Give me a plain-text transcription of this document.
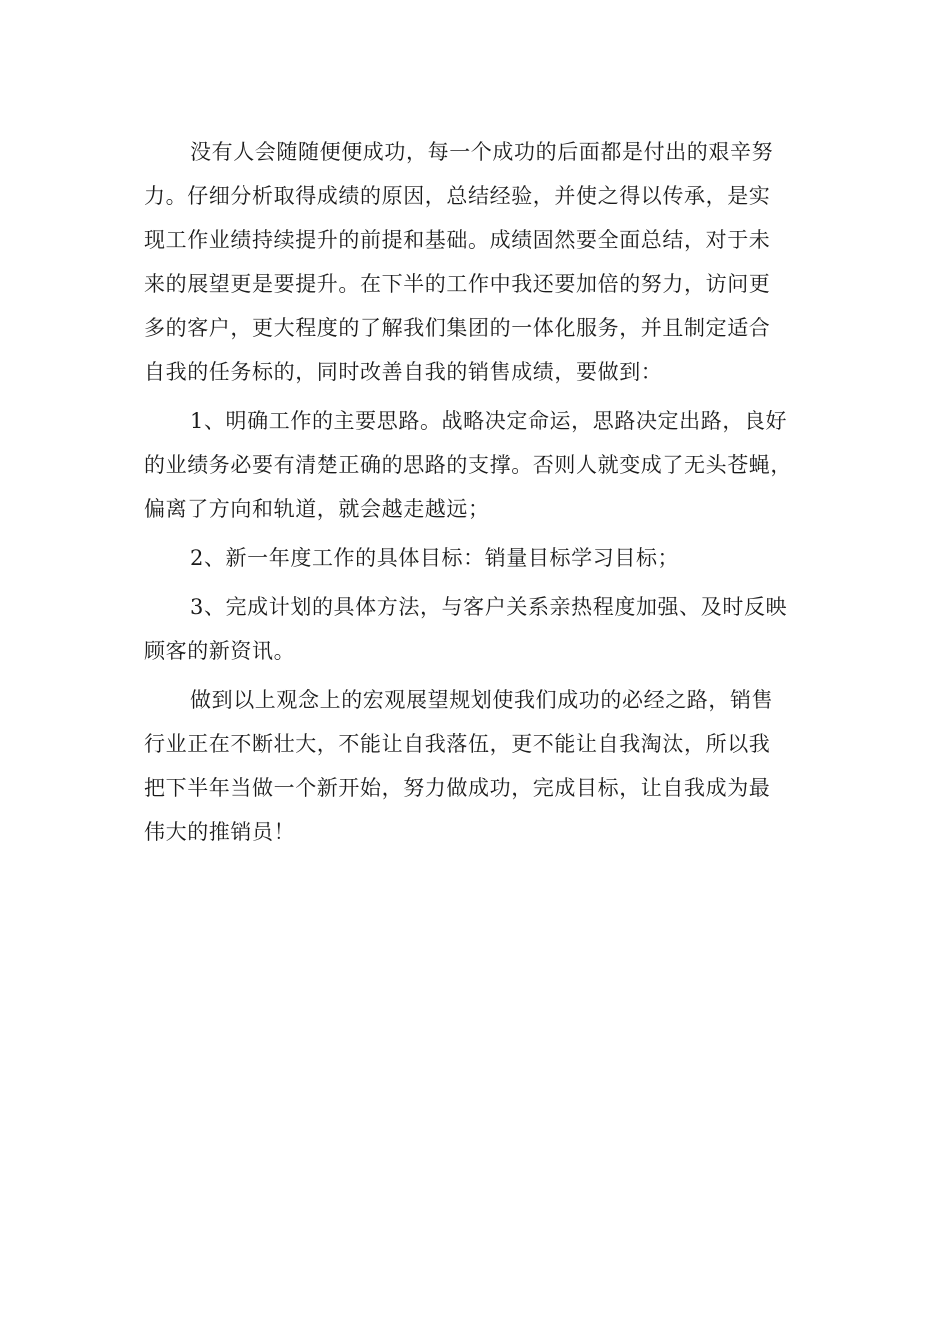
没有人会随随便便成功，每一个成功的后面都是付出的艰辛努
力。仔细分析取得成绩的原因，总结经验，并使之得以传承，是实
现工作业绩持续提升的前提和基础。成绩固然要全面总结，对于未
来的展望更是要提升。在下半的工作中我还要加倍的努力，访问更
多的客户，更大程度的了解我们集团的一体化服务，并且制定适合
自我的任务标的，同时改善自我的销售成绩，要做到：
1、明确工作的主要思路。战略决定命运，思路决定出路，良好
的业绩务必要有清楚正确的思路的支撑。否则人就变成了无头苍蝇，
偏离了方向和轨道，就会越走越远；
2、新一年度工作的具体目标：销量目标学习目标；
3、完成计划的具体方法，与客户关系亲热程度加强、及时反映
顾客的新资讯。
做到以上观念上的宏观展望规划使我们成功的必经之路，销售
行业正在不断壮大，不能让自我落伍，更不能让自我淘汰，所以我
把下半年当做一个新开始，努力做成功，完成目标，让自我成为最
伟大的推销员！
